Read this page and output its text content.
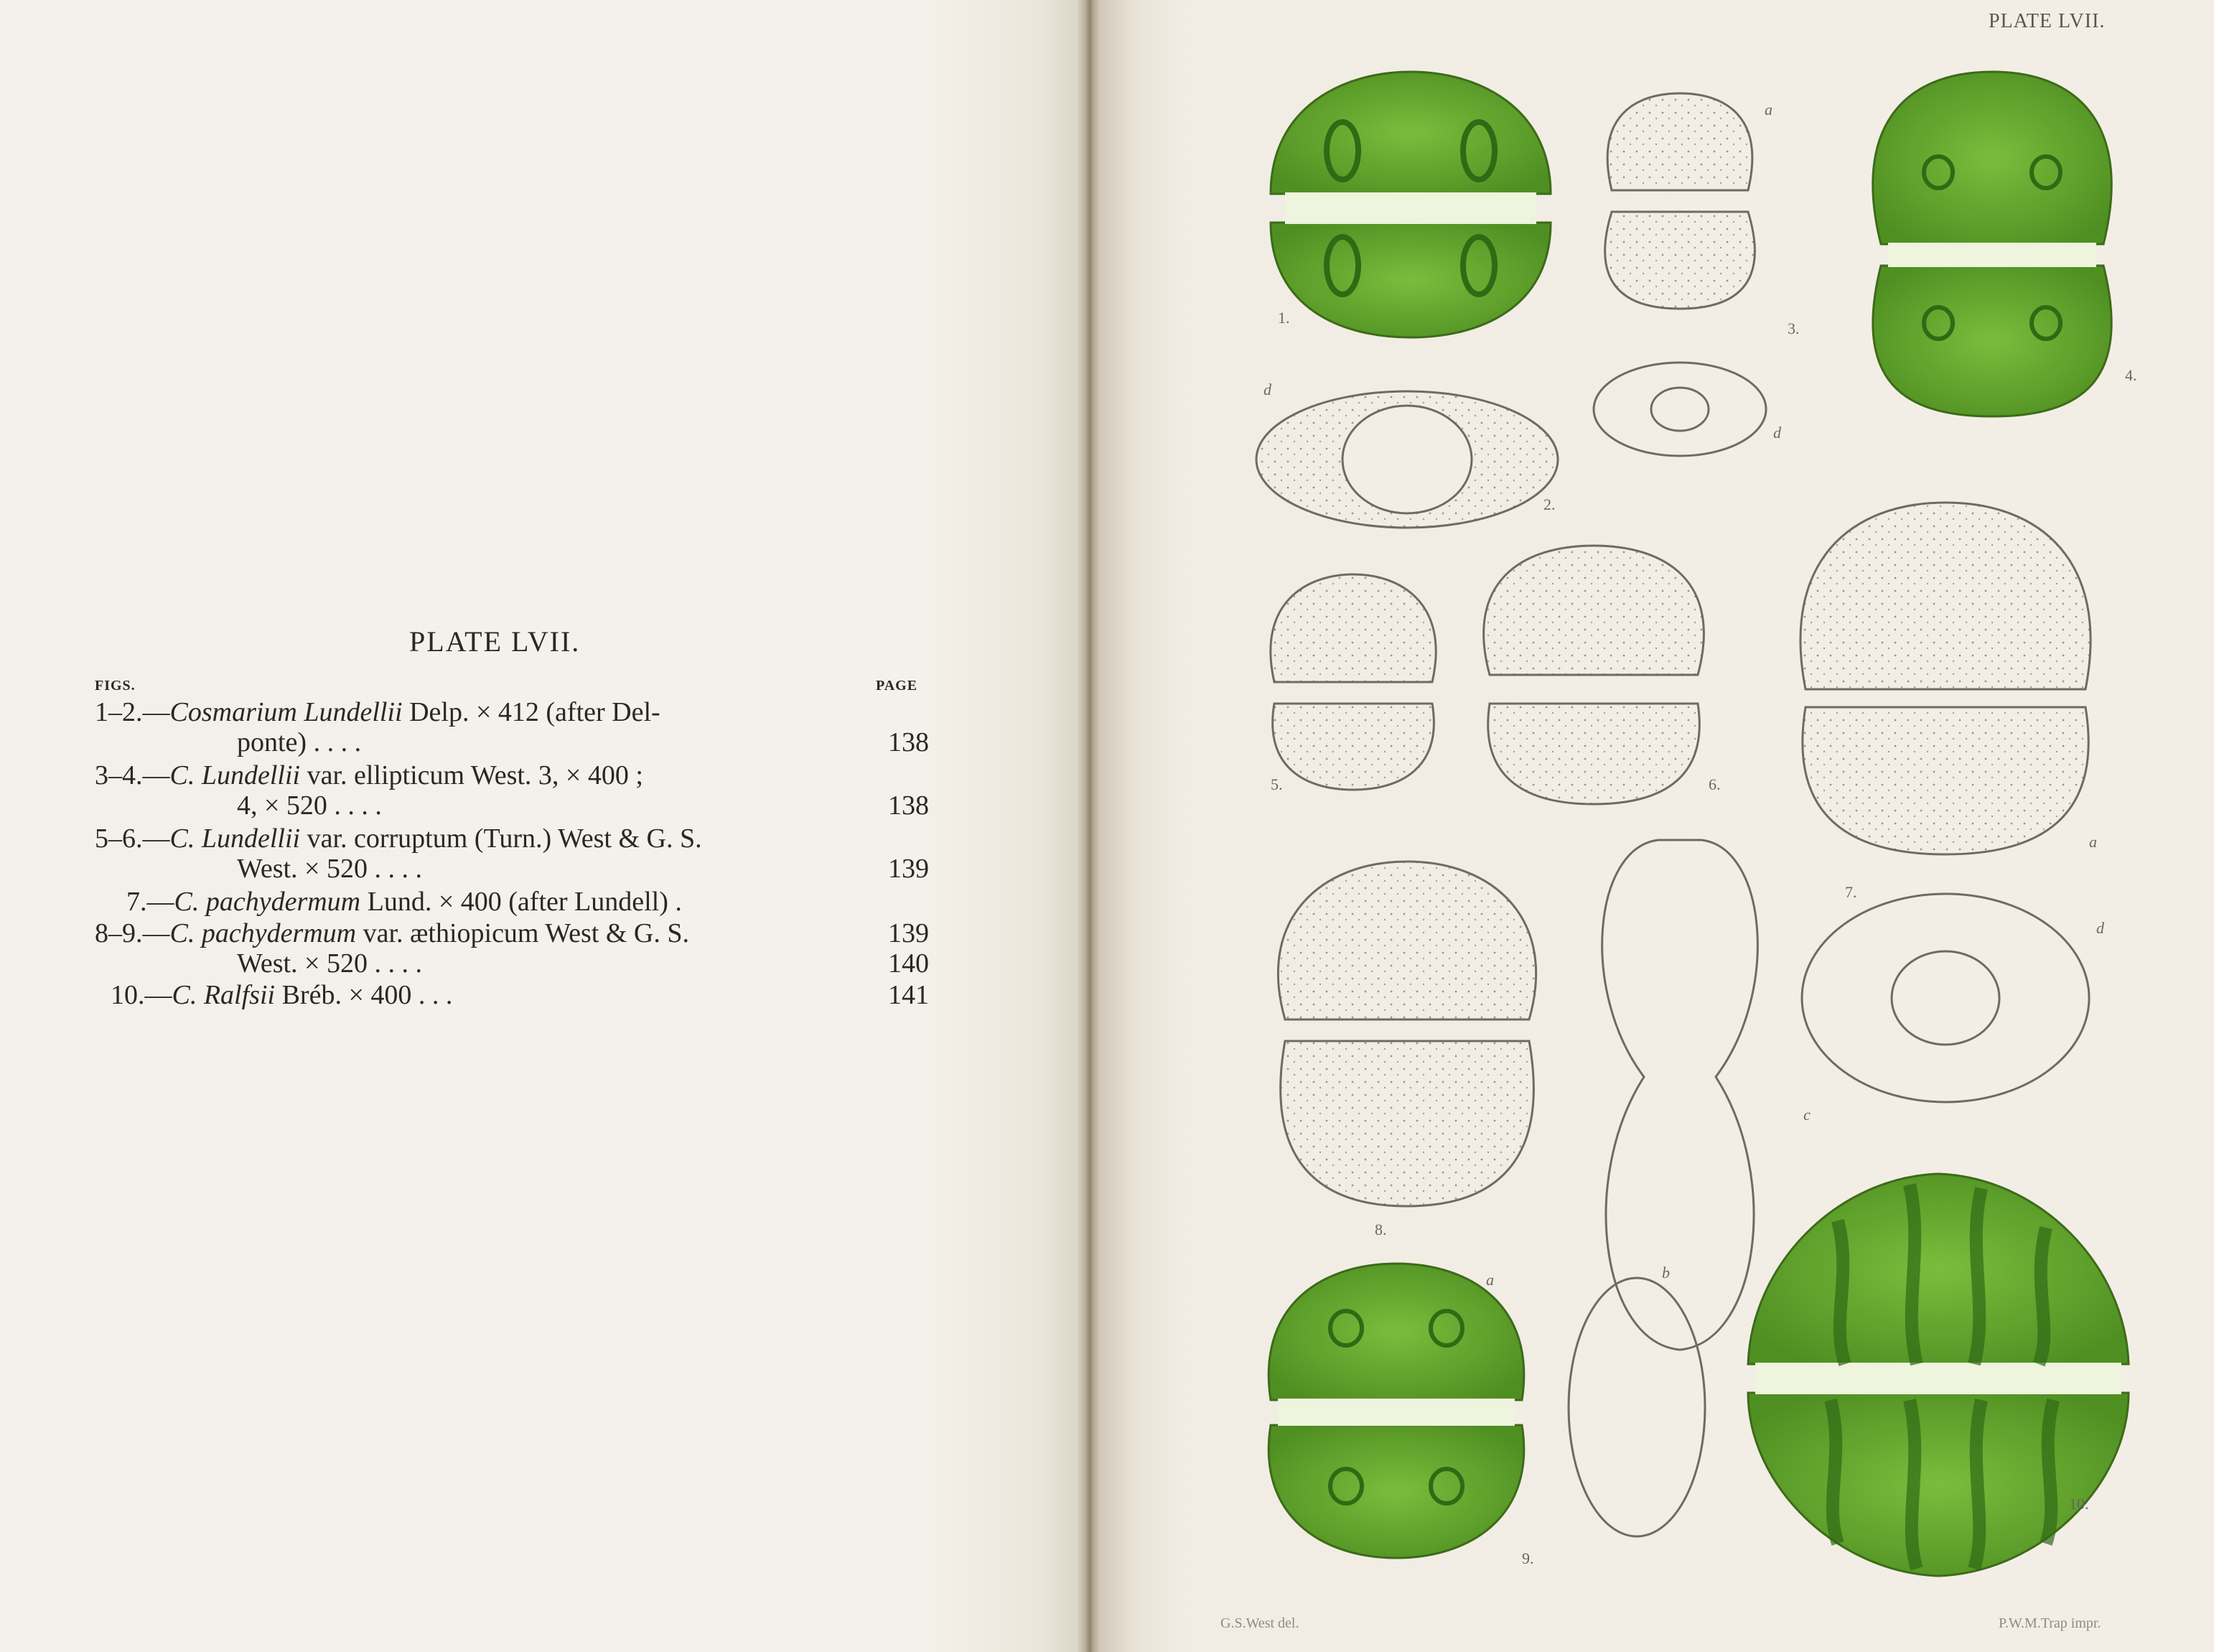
PLATE LVII.
FIGS.	PAGE
1–2.—Cosmarium Lundellii Delp. × 412 (after Del-
ponte) . . . .	138
3–4.—C. Lundellii var. ellipticum West. 3, × 400 ;
4, × 520 . . . .	138
5–6.—C. Lundellii var. corruptum (Turn.) West & G. S.
West. × 520 . . . .	139
7.—C. pachydermum Lund. × 400 (after Lundell) .
8–9.—C. pachydermum var. æthiopicum West & G. S.	139
West. × 520 . . . .	140
10.—C. Ralfsii Bréb. × 400 . . .	141
PLATE LVII.
G.S.West del.	P.W.M.Trap impr.
1.
a
3.
d
4.
d
2.
5.	6.
a
7.
c
d
8.
a	b
9.
10.
